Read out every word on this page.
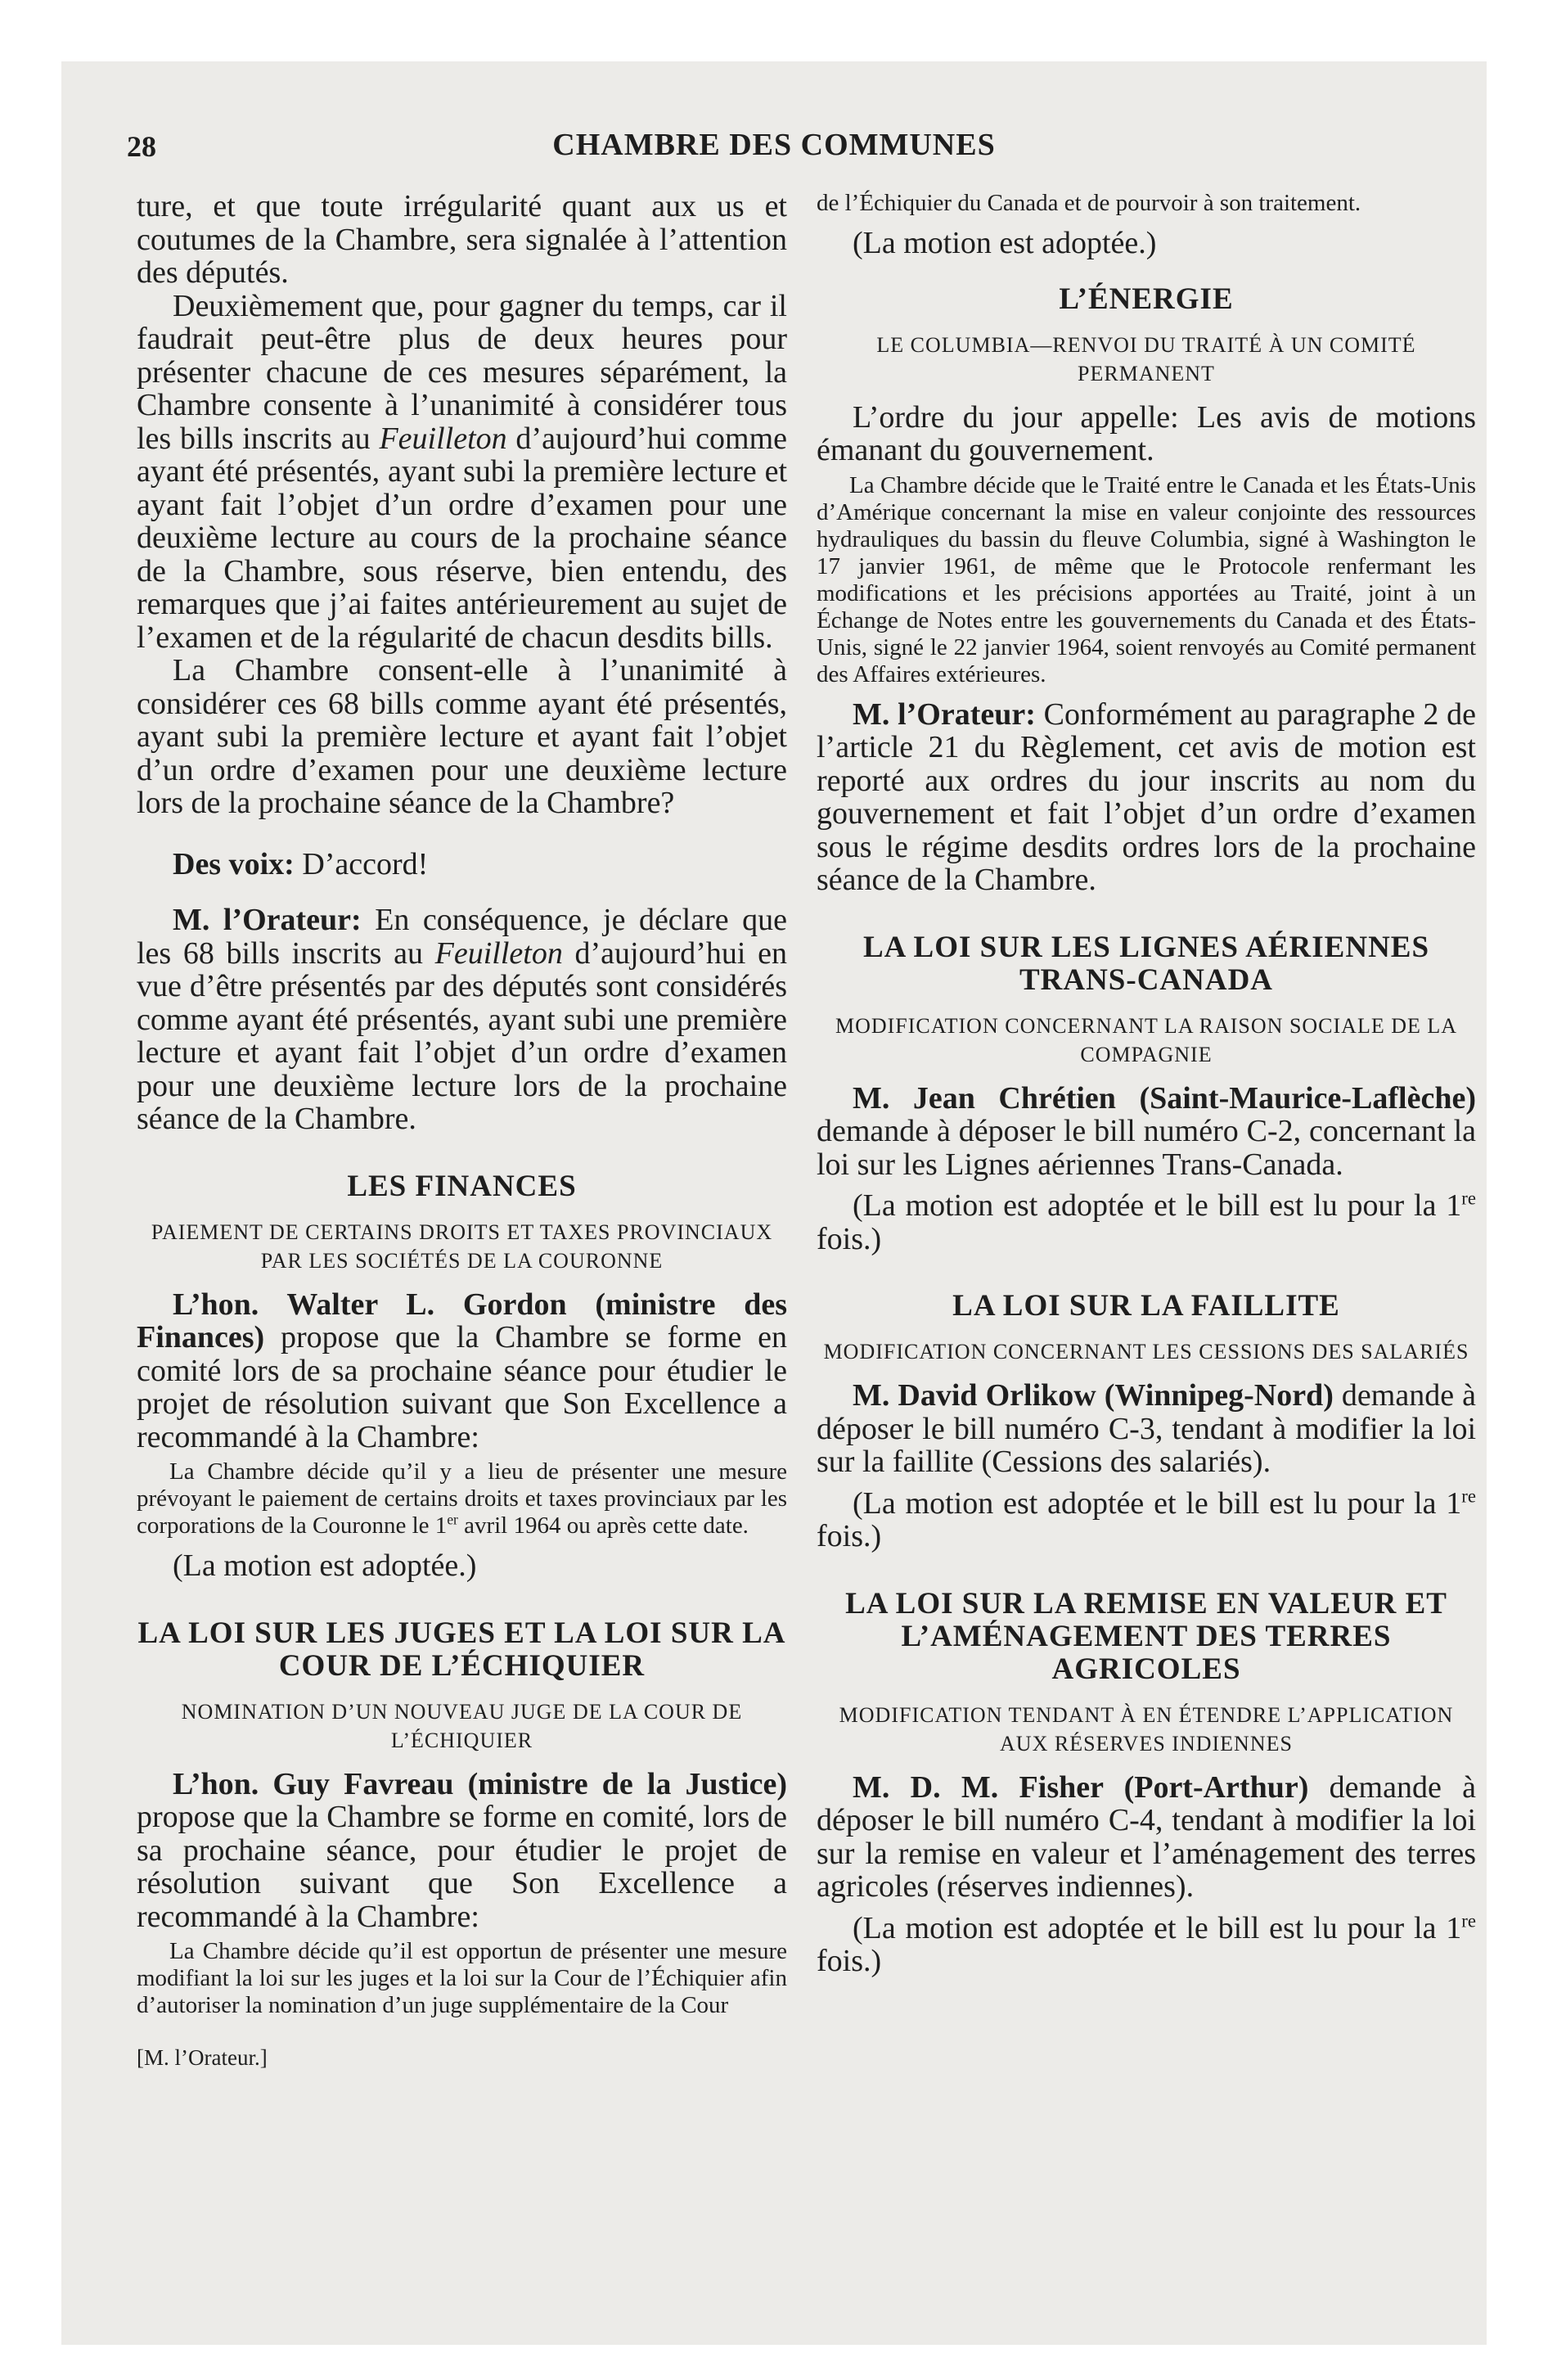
28	CHAMBRE DES COMMUNES

ture, et que toute irrégularité quant aux us et coutumes de la Chambre, sera signalée à l’attention des députés.

Deuxièmement que, pour gagner du temps, car il faudrait peut-être plus de deux heures pour présenter chacune de ces mesures séparément, la Chambre consente à l’unanimité à considérer tous les bills inscrits au Feuilleton d’aujourd’hui comme ayant été présentés, ayant subi la première lecture et ayant fait l’objet d’un ordre d’examen pour une deuxième lecture au cours de la prochaine séance de la Chambre, sous réserve, bien entendu, des remarques que j’ai faites antérieurement au sujet de l’examen et de la régularité de chacun desdits bills.

La Chambre consent-elle à l’unanimité à considérer ces 68 bills comme ayant été présentés, ayant subi la première lecture et ayant fait l’objet d’un ordre d’examen pour une deuxième lecture lors de la prochaine séance de la Chambre?

Des voix: D’accord!

M. l’Orateur: En conséquence, je déclare que les 68 bills inscrits au Feuilleton d’aujourd’hui en vue d’être présentés par des députés sont considérés comme ayant été présentés, ayant subi une première lecture et ayant fait l’objet d’un ordre d’examen pour une deuxième lecture lors de la prochaine séance de la Chambre.

LES FINANCES
PAIEMENT DE CERTAINS DROITS ET TAXES PROVINCIAUX PAR LES SOCIÉTÉS DE LA COURONNE

L’hon. Walter L. Gordon (ministre des Finances) propose que la Chambre se forme en comité lors de sa prochaine séance pour étudier le projet de résolution suivant que Son Excellence a recommandé à la Chambre:

La Chambre décide qu’il y a lieu de présenter une mesure prévoyant le paiement de certains droits et taxes provinciaux par les corporations de la Couronne le 1er avril 1964 ou après cette date.

(La motion est adoptée.)

LA LOI SUR LES JUGES ET LA LOI SUR LA COUR DE L’ÉCHIQUIER
NOMINATION D’UN NOUVEAU JUGE DE LA COUR DE L’ÉCHIQUIER

L’hon. Guy Favreau (ministre de la Justice) propose que la Chambre se forme en comité, lors de sa prochaine séance, pour étudier le projet de résolution suivant que Son Excellence a recommandé à la Chambre:

La Chambre décide qu’il est opportun de présenter une mesure modifiant la loi sur les juges et la loi sur la Cour de l’Échiquier afin d’autoriser la nomination d’un juge supplémentaire de la Cour

[M. l’Orateur.]

de l’Échiquier du Canada et de pourvoir à son traitement.

(La motion est adoptée.)

L’ÉNERGIE
LE COLUMBIA—RENVOI DU TRAITÉ À UN COMITÉ PERMANENT

L’ordre du jour appelle: Les avis de motions émanant du gouvernement.

La Chambre décide que le Traité entre le Canada et les États-Unis d’Amérique concernant la mise en valeur conjointe des ressources hydrauliques du bassin du fleuve Columbia, signé à Washington le 17 janvier 1961, de même que le Protocole renfermant les modifications et les précisions apportées au Traité, joint à un Échange de Notes entre les gouvernements du Canada et des États-Unis, signé le 22 janvier 1964, soient renvoyés au Comité permanent des Affaires extérieures.

M. l’Orateur: Conformément au paragraphe 2 de l’article 21 du Règlement, cet avis de motion est reporté aux ordres du jour inscrits au nom du gouvernement et fait l’objet d’un ordre d’examen sous le régime desdits ordres lors de la prochaine séance de la Chambre.

LA LOI SUR LES LIGNES AÉRIENNES TRANS-CANADA
MODIFICATION CONCERNANT LA RAISON SOCIALE DE LA COMPAGNIE

M. Jean Chrétien (Saint-Maurice-Laflèche) demande à déposer le bill numéro C-2, concernant la loi sur les Lignes aériennes Trans-Canada.

(La motion est adoptée et le bill est lu pour la 1re fois.)

LA LOI SUR LA FAILLITE
MODIFICATION CONCERNANT LES CESSIONS DES SALARIÉS

M. David Orlikow (Winnipeg-Nord) demande à déposer le bill numéro C-3, tendant à modifier la loi sur la faillite (Cessions des salariés).

(La motion est adoptée et le bill est lu pour la 1re fois.)

LA LOI SUR LA REMISE EN VALEUR ET L’AMÉNAGEMENT DES TERRES AGRICOLES
MODIFICATION TENDANT À EN ÉTENDRE L’APPLICATION AUX RÉSERVES INDIENNES

M. D. M. Fisher (Port-Arthur) demande à déposer le bill numéro C-4, tendant à modifier la loi sur la remise en valeur et l’aménagement des terres agricoles (réserves indiennes).

(La motion est adoptée et le bill est lu pour la 1re fois.)
